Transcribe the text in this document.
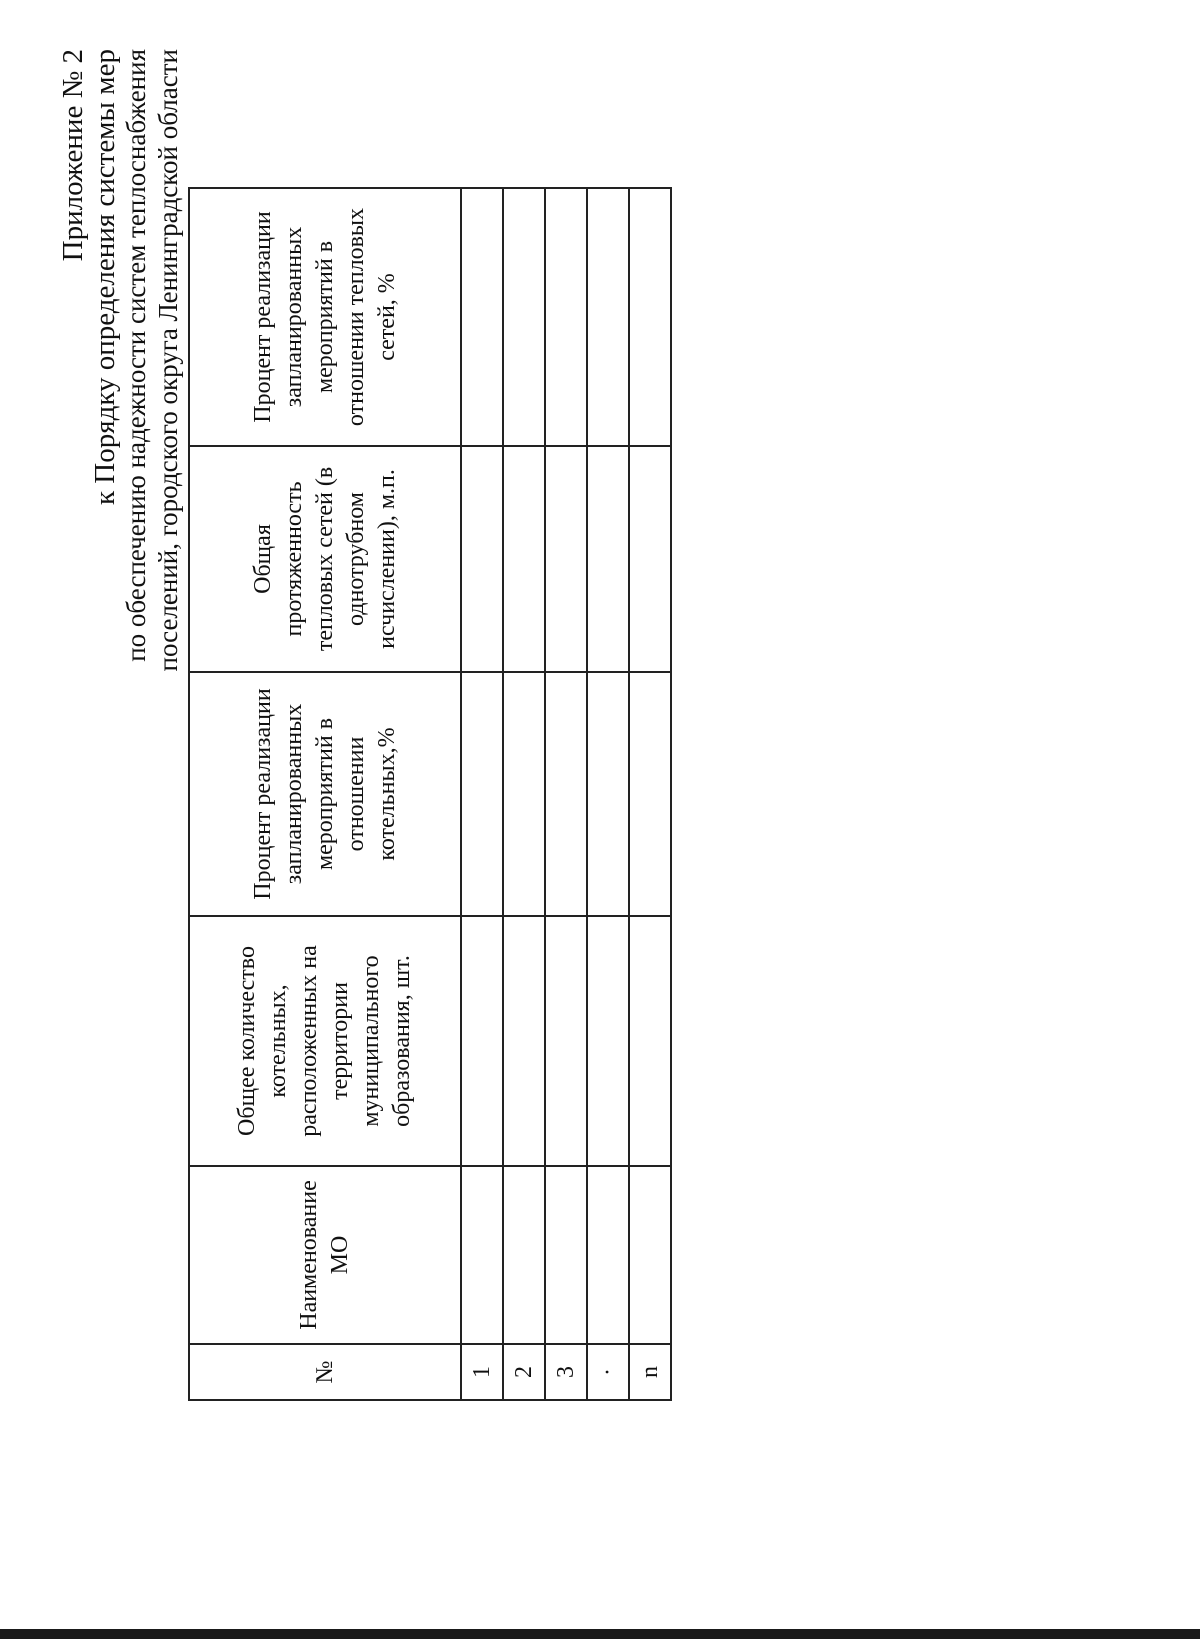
Приложение № 2 к Порядку определения системы мер по обеспечению надежности систем теплоснабжения поселений, городского округа Ленинградской области
№	Наименование МО	Общее количество котельных, расположенных на территории муниципального образования, шт.	Процент реализации запланированных мероприятий в отношении котельных,%	Общая протяженность тепловых сетей (в однотрубном исчислении), м.п.	Процент реализации запланированных мероприятий в отношении тепловых сетей, %
1					
2					
3					
·					
n					
